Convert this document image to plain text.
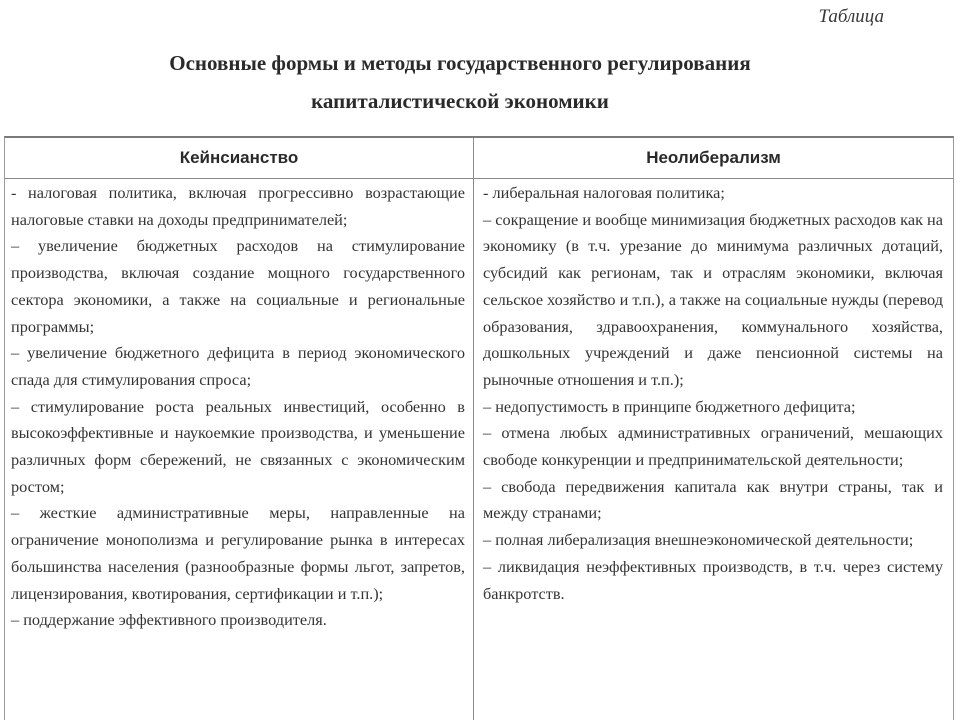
Таблица
Основные формы и методы государственного регулирования
капиталистической экономики
Кейнсианство	Неолиберализм

- налоговая политика, включая прогрессивно возрастающие налоговые ставки на доходы предпринимателей;

– увеличение бюджетных расходов на стимулирование производства, включая создание мощного государственного сектора экономики, а также на социальные и региональные программы;

– увеличение бюджетного дефицита в период экономического спада для стимулирования спроса;

– стимулирование роста реальных инвестиций, особенно в высокоэффективные и наукоемкие производства, и уменьшение различных форм сбережений, не связанных с экономическим ростом;

– жесткие административные меры, направленные на ограничение монополизма и регулирование рынка в интересах большинства населения (разнообразные формы льгот, запретов, лицензирования, квотирования, сертификации и т.п.);

– поддержание эффективного производителя.

- либеральная налоговая политика;

– сокращение и вообще минимизация бюджетных расходов как на экономику (в т.ч. урезание до минимума различных дотаций, субсидий как регионам, так и отраслям экономики, включая сельское хозяйство и т.п.), а также на социальные нужды (перевод образования, здравоохранения, коммунального хозяйства, дошкольных учреждений и даже пенсионной системы на рыночные отношения и т.п.);

– недопустимость в принципе бюджетного дефицита;

– отмена любых административных ограничений, мешающих свободе конкуренции и предпринимательской деятельности;

– свобода передвижения капитала как внутри страны, так и между странами;

– полная либерализация внешнеэкономической деятельности;

– ликвидация неэффективных производств, в т.ч. через систему банкротств.
